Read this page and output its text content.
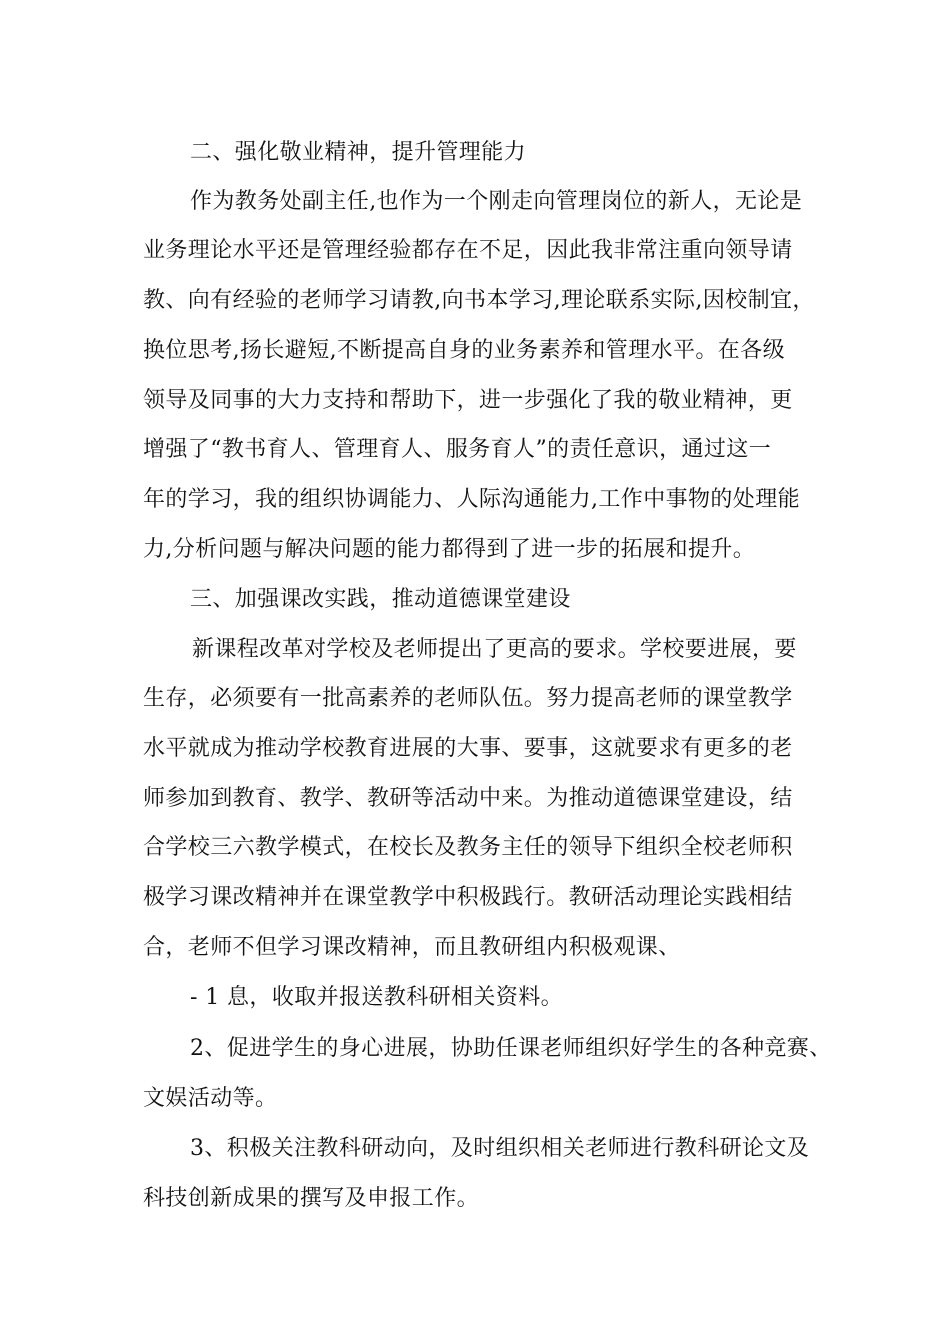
二、强化敬业精神，提升管理能力
作为教务处副主任,也作为一个刚走向管理岗位的新人，无论是
业务理论水平还是管理经验都存在不足，因此我非常注重向领导请
教、向有经验的老师学习请教,向书本学习,理论联系实际,因校制宜，
换位思考,扬长避短,不断提高自身的业务素养和管理水平。在各级
领导及同事的大力支持和帮助下，进一步强化了我的敬业精神，更
增强了“教书育人、管理育人、服务育人”的责任意识，通过这一
年的学习，我的组织协调能力、人际沟通能力,工作中事物的处理能
力,分析问题与解决问题的能力都得到了进一步的拓展和提升。
三、加强课改实践，推动道德课堂建设
新课程改革对学校及老师提出了更高的要求。学校要进展，要
生存，必须要有一批高素养的老师队伍。努力提高老师的课堂教学
水平就成为推动学校教育进展的大事、要事，这就要求有更多的老
师参加到教育、教学、教研等活动中来。为推动道德课堂建设，结
合学校三六教学模式，在校长及教务主任的领导下组织全校老师积
极学习课改精神并在课堂教学中积极践行。教研活动理论实践相结
合，老师不但学习课改精神，而且教研组内积极观课、
- 1 息，收取并报送教科研相关资料。
2、促进学生的身心进展，协助任课老师组织好学生的各种竞赛、
文娱活动等。
3、积极关注教科研动向，及时组织相关老师进行教科研论文及
科技创新成果的撰写及申报工作。
